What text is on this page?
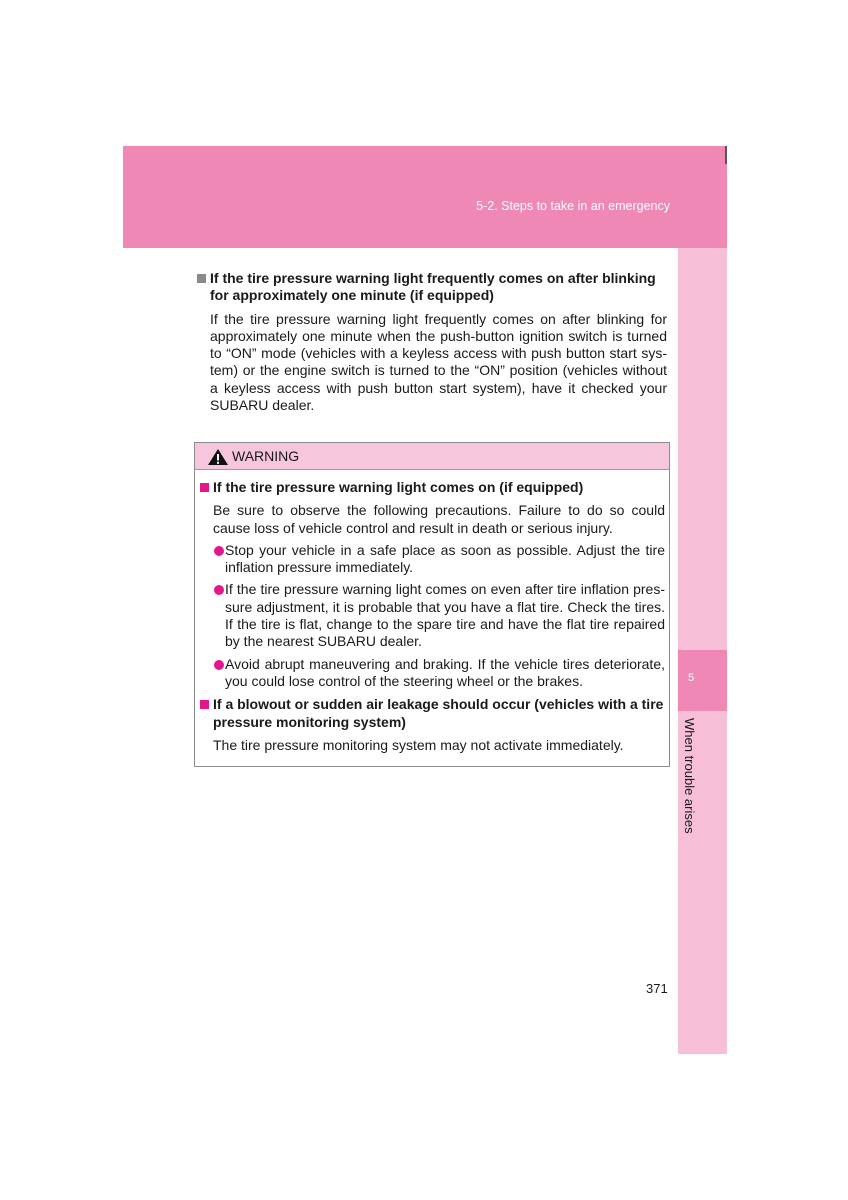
5-2. Steps to take in an emergency
5
When trouble arises
If the tire pressure warning light frequently comes on after blinking for approximately one minute (if equipped)
If the tire pressure warning light frequently comes on after blinking for approximately one minute when the push-button ignition switch is turned to “ON” mode (vehicles with a keyless access with push button start sys-tem) or the engine switch is turned to the “ON” position (vehicles without a keyless access with push button start system), have it checked your SUBARU dealer.
WARNING
If the tire pressure warning light comes on (if equipped)
Be sure to observe the following precautions. Failure to do so could cause loss of vehicle control and result in death or serious injury.
Stop your vehicle in a safe place as soon as possible. Adjust the tire inflation pressure immediately.
If the tire pressure warning light comes on even after tire inflation pres-sure adjustment, it is probable that you have a flat tire. Check the tires. If the tire is flat, change to the spare tire and have the flat tire repaired by the nearest SUBARU dealer.
Avoid abrupt maneuvering and braking. If the vehicle tires deteriorate, you could lose control of the steering wheel or the brakes.
If a blowout or sudden air leakage should occur (vehicles with a tire pressure monitoring system)
The tire pressure monitoring system may not activate immediately.
371
